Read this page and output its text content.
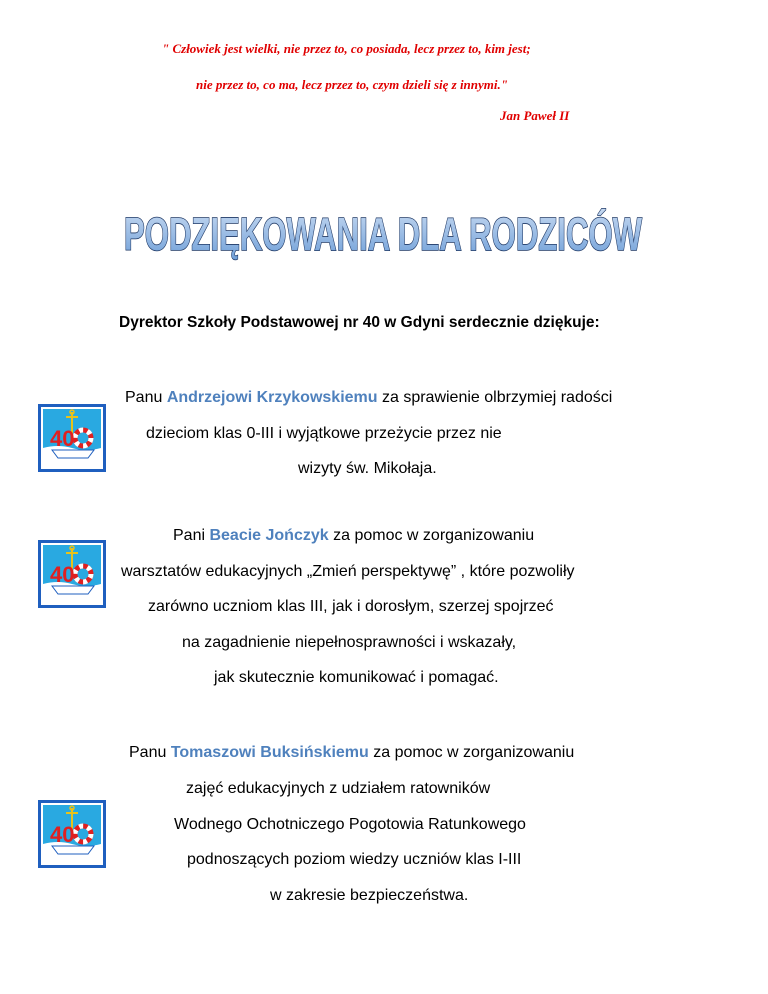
" Człowiek jest wielki, nie przez to, co posiada, lecz przez to, kim jest;
nie przez to, co ma, lecz przez to, czym dzieli się z innymi."
Jan Paweł II
PODZIĘKOWANIA DLA RODZICÓW
Dyrektor Szkoły Podstawowej nr 40 w Gdyni serdecznie dziękuje:
40
40
40
Panu Andrzejowi Krzykowskiemu za sprawienie olbrzymiej radości
dzieciom klas 0-III i wyjątkowe przeżycie przez nie
wizyty św. Mikołaja.
Pani Beacie Jończyk za pomoc w zorganizowaniu
warsztatów edukacyjnych „Zmień perspektywę” , które pozwoliły
zarówno uczniom klas III, jak i dorosłym, szerzej spojrzeć
na zagadnienie niepełnosprawności i wskazały,
jak skutecznie komunikować i pomagać.
Panu Tomaszowi Buksińskiemu za pomoc w zorganizowaniu
zajęć edukacyjnych z udziałem ratowników
Wodnego Ochotniczego Pogotowia Ratunkowego
podnoszących poziom wiedzy uczniów klas I-III
w zakresie bezpieczeństwa.
